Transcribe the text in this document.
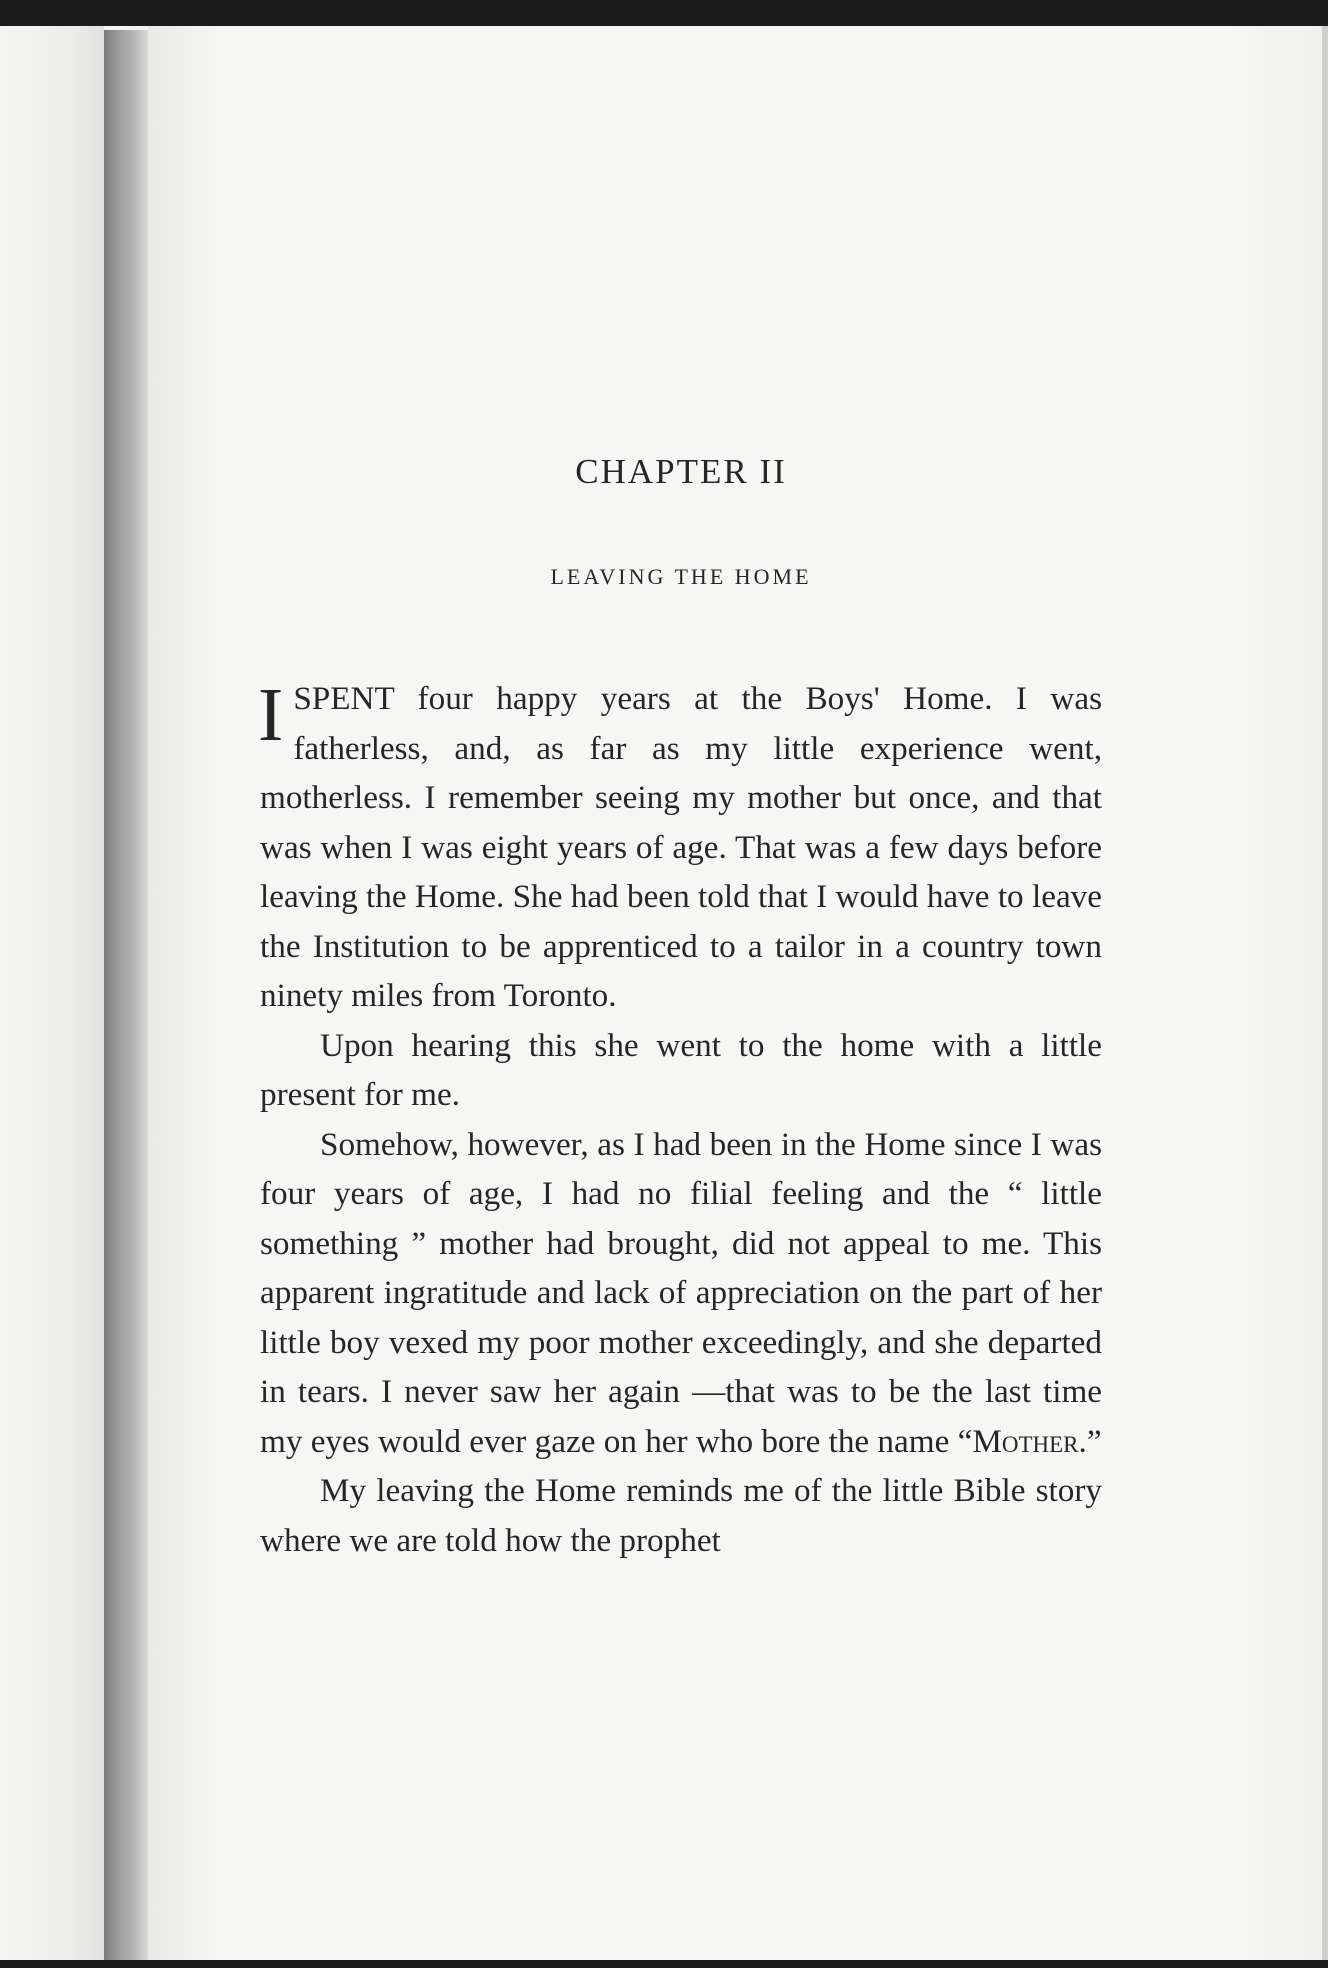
CHAPTER II
LEAVING THE HOME

I SPENT four happy years at the Boys' Home. I was fatherless, and, as far as my little experience went, motherless. I remember seeing my mother but once, and that was when I was eight years of age. That was a few days before leaving the Home. She had been told that I would have to leave the Institution to be apprenticed to a tailor in a country town ninety miles from Toronto.

Upon hearing this she went to the home with a little present for me.

Somehow, however, as I had been in the Home since I was four years of age, I had no filial feeling and the “ little something ” mother had brought, did not appeal to me. This apparent ingratitude and lack of appreciation on the part of her little boy vexed my poor mother exceedingly, and she departed in tears. I never saw her again —that was to be the last time my eyes would ever gaze on her who bore the name “Mother.”

My leaving the Home reminds me of the little Bible story where we are told how the prophet
